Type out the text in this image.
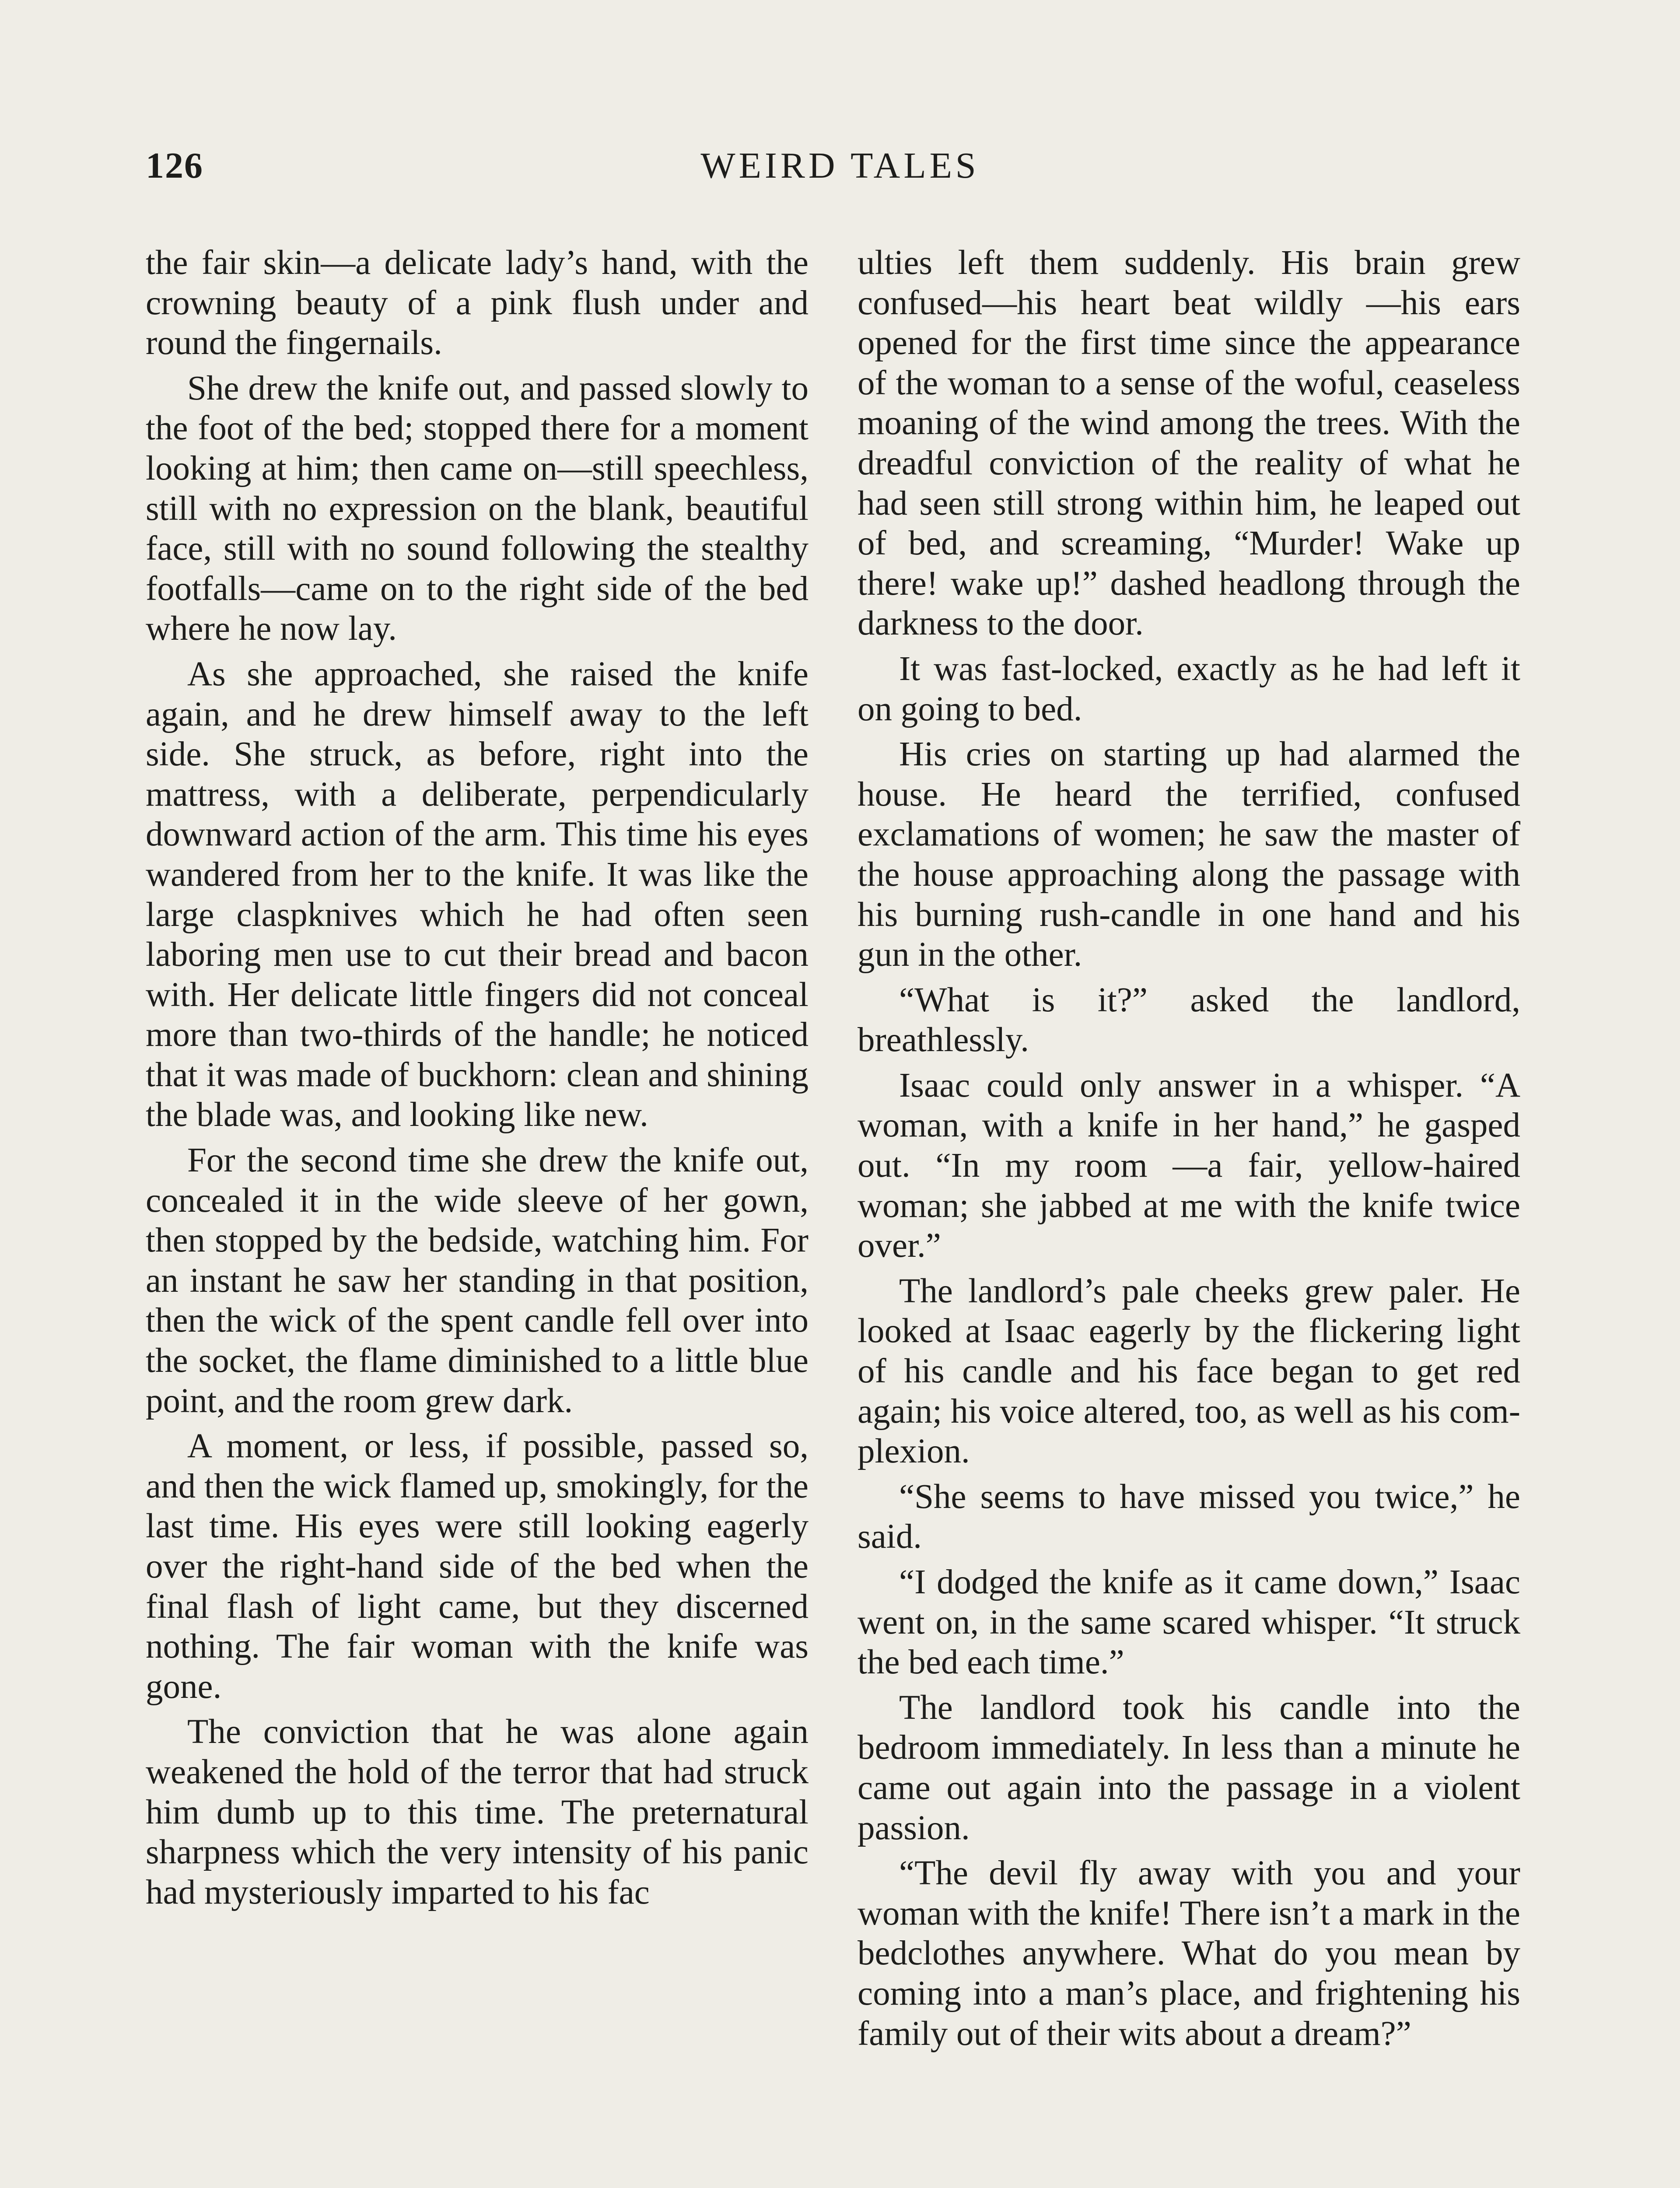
126	WEIRD TALES

the fair skin—a delicate lady’s hand, with the crowning beauty of a pink flush under and round the fingernails.

She drew the knife out, and passed slowly to the foot of the bed; stopped there for a moment looking at him; then came on—still speechless, still with no expression on the blank, beautiful face, still with no sound following the stealthy footfalls—came on to the right side of the bed where he now lay.

As she approached, she raised the knife again, and he drew himself away to the left side. She struck, as before, right into the mattress, with a deliberate, perpendicularly downward action of the arm. This time his eyes wandered from her to the knife. It was like the large claspknives which he had often seen laboring men use to cut their bread and bacon with. Her delicate little fingers did not conceal more than two-thirds of the handle; he noticed that it was made of buckhorn: clean and shining the blade was, and looking like new.

For the second time she drew the knife out, concealed it in the wide sleeve of her gown, then stopped by the bedside, watching him. For an instant he saw her standing in that position, then the wick of the spent candle fell over into the socket, the flame diminished to a little blue point, and the room grew dark.

A moment, or less, if possible, passed so, and then the wick flamed up, smokingly, for the last time. His eyes were still looking eagerly over the right-hand side of the bed when the final flash of light came, but they discerned nothing. The fair woman with the knife was gone.

The conviction that he was alone again weakened the hold of the terror that had struck him dumb up to this time. The preternatural sharpness which the very intensity of his panic had mysteriously imparted to his fac

ulties left them suddenly. His brain grew confused—his heart beat wildly —his ears opened for the first time since the appearance of the woman to a sense of the woful, ceaseless moaning of the wind among the trees. With the dreadful conviction of the reality of what he had seen still strong within him, he leaped out of bed, and screaming, “Murder! Wake up there! wake up!” dashed headlong through the darkness to the door.

It was fast-locked, exactly as he had left it on going to bed.

His cries on starting up had alarmed the house. He heard the terrified, confused exclamations of women; he saw the master of the house approaching along the passage with his burning rush-candle in one hand and his gun in the other.

“What is it?” asked the landlord, breathlessly.

Isaac could only answer in a whisper. “A woman, with a knife in her hand,” he gasped out. “In my room —a fair, yellow-haired woman; she jabbed at me with the knife twice over.”

The landlord’s pale cheeks grew paler. He looked at Isaac eagerly by the flickering light of his candle and his face began to get red again; his voice altered, too, as well as his complexion.

“She seems to have missed you twice,” he said.

“I dodged the knife as it came down,” Isaac went on, in the same scared whisper. “It struck the bed each time.”

The landlord took his candle into the bedroom immediately. In less than a minute he came out again into the passage in a violent passion.

“The devil fly away with you and your woman with the knife! There isn’t a mark in the bedclothes anywhere. What do you mean by coming into a man’s place, and frightening his family out of their wits about a dream?”
